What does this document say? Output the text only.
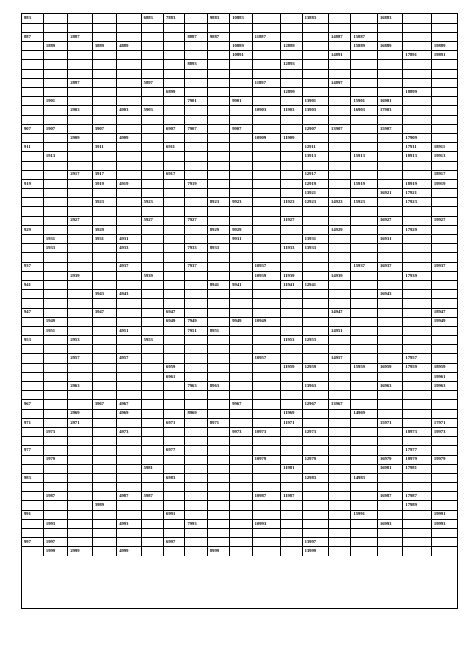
883					6883	7883		9883	10883			13883			16883		

887		2887					8887	9887		11887			14887	15887			
	1889		3889	4889					10889		12889			15889	16889		19889
									10891				14891			17891	19891
							8893				12893						

		2897			5897					11897			14897				
						6899					12899					18899	
	1901						7901		9901			13901		15901	16901		
		2903		4903	5903					10903	11903	13903		16903	17903		

907	1907		3907			6907	7907		9907			12907	13907		15907		
		2909		4909						10909	11909					17909	
911			3911			6911						12911				17911	18911
	1913											13913		15913		18913	19913

		2917	3917			6917						12917					18917
919			3919	4919			7919					12919		15919		18919	19919
												13921			16921	17921	
			3923		5923			8923	9923		11923	12923	14923	15923		17923	

		2927			5927		7927				11927				16927		19927
929			3929					8929	9929				14929			17929	
	1931		3931	4931					9931			13931			16931		
	1933			4933			7933	8933			11933	13933					

937				4937			7937			10937				15937	16937		19937
		2939			5939					10939	11939		14939			17939	
941								8941	9941		11941	12941					
			3943	4943											16943		

947			3947			6947							14947				18947
	1949					6949	7949		9949	10949							19949
	1951			4951			7951	8951					14951				
953		2953			5953						11953	12953					

		2957		4957						10957			14957			17957	
						6959					11959	12959		15959	16959	17959	18959
						6961											19961
		2963					7963	8963				13963			16963		19963

967			3967	4967					9967			12967	13967				
		2969		4969			8969				11969			14969			
971		2971				6971		8971			11971				15971		17971
	1973			4973					9973	10973		12973				18973	19973

977						6977										17977	
	1979									10979		12979			16979	18979	19979
					5981						11981				16981	17981	
983						6983						12983		14983			

	1987			4987	5987					10987	11987				16987	17987	
			3989													17989	
991						6991								15991			19991
	1993			4993			7993			10993					16993		19993

997	1997					6997						13997					
	1999	2999		4999				8999				13999					
